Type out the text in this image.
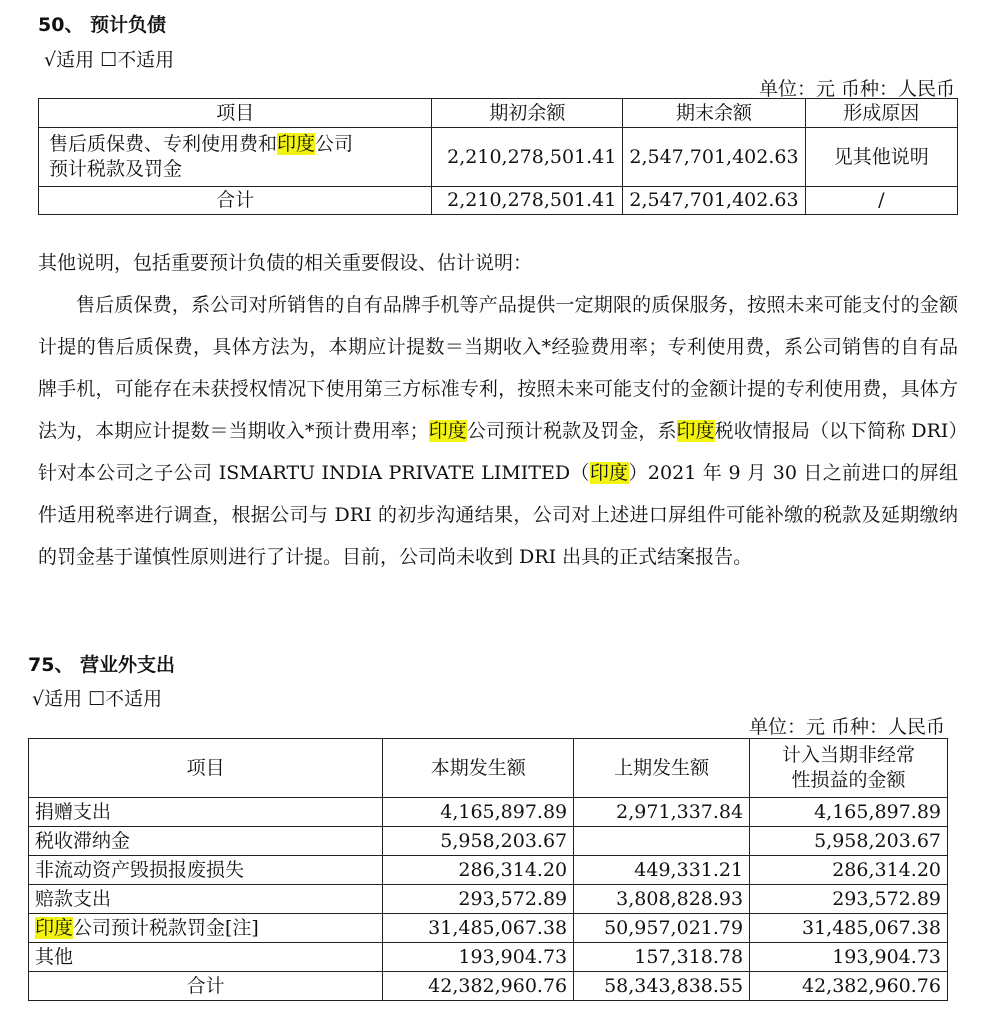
50、 预计负债
√适用 ☐不适用
单位：元 币种：人民币
项目	期初余额	期末余额	形成原因
售后质保费、专利使用费和印度公司
预计税款及罚金	2,210,278,501.41	2,547,701,402.63	见其他说明
合计	2,210,278,501.41	2,547,701,402.63	/

其他说明，包括重要预计负债的相关重要假设、估计说明：

售后质保费，系公司对所销售的自有品牌手机等产品提供一定期限的质保服务，按照未来可能支付的金额计提的售后质保费，具体方法为，本期应计提数＝当期收入*经验费用率；专利使用费，系公司销售的自有品牌手机，可能存在未获授权情况下使用第三方标准专利，按照未来可能支付的金额计提的专利使用费，具体方法为，本期应计提数＝当期收入*预计费用率；印度公司预计税款及罚金，系印度税收情报局（以下简称 DRI）针对本公司之子公司 ISMARTU INDIA PRIVATE LIMITED（印度）2021 年 9 月 30 日之前进口的屏组件适用税率进行调查，根据公司与 DRI 的初步沟通结果，公司对上述进口屏组件可能补缴的税款及延期缴纳的罚金基于谨慎性原则进行了计提。目前，公司尚未收到 DRI 出具的正式结案报告。

75、 营业外支出
√适用 ☐不适用
单位：元 币种：人民币
项目	本期发生额	上期发生额	计入当期非经常
性损益的金额
捐赠支出	4,165,897.89	2,971,337.84	4,165,897.89
税收滞纳金	5,958,203.67		5,958,203.67
非流动资产毁损报废损失	286,314.20	449,331.21	286,314.20
赔款支出	293,572.89	3,808,828.93	293,572.89
印度公司预计税款罚金[注]	31,485,067.38	50,957,021.79	31,485,067.38
其他	193,904.73	157,318.78	193,904.73
合计	42,382,960.76	58,343,838.55	42,382,960.76
